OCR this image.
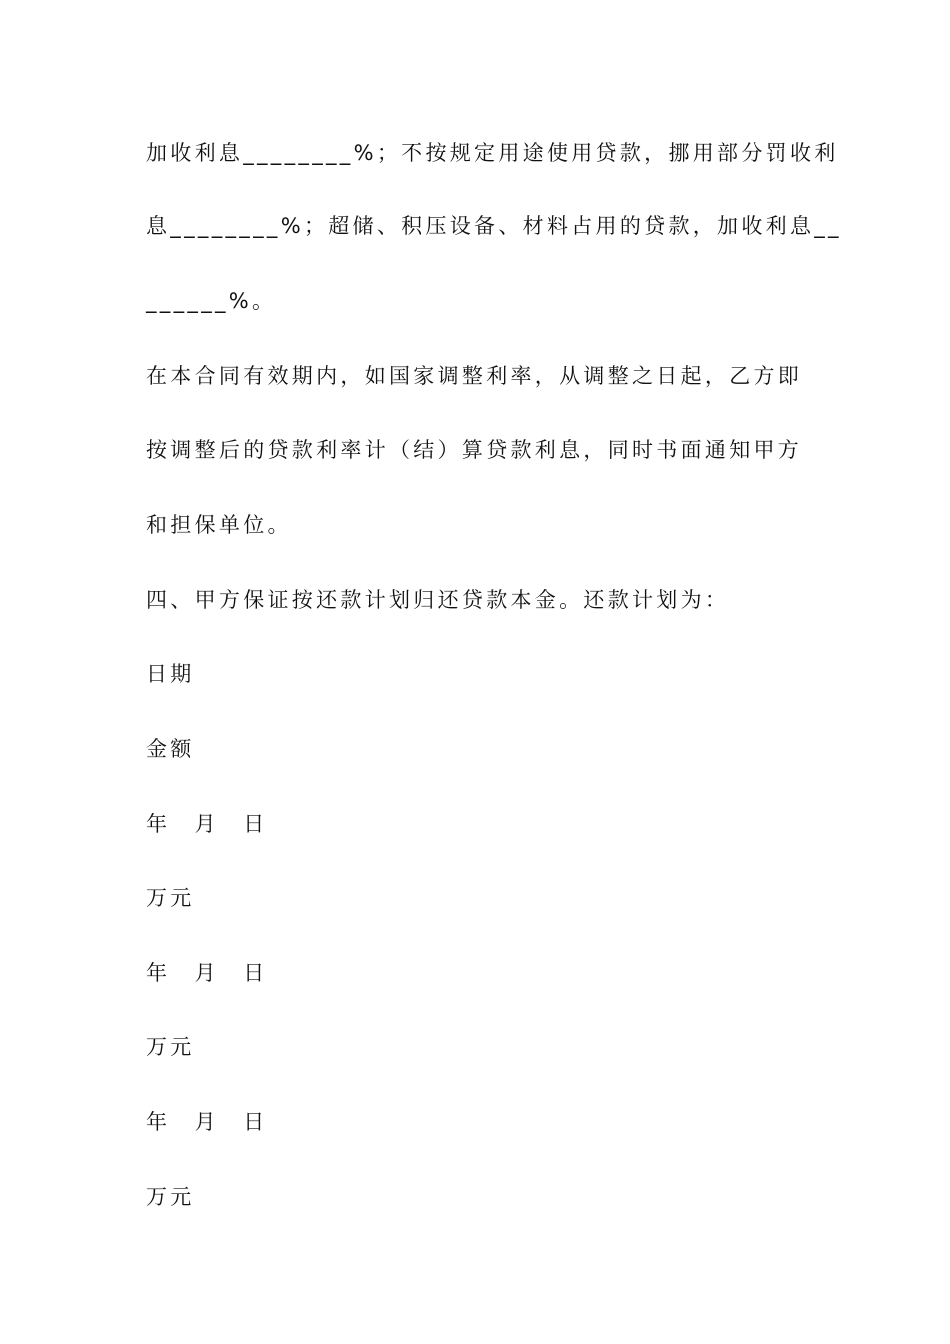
加收利息________%；不按规定用途使用贷款，挪用部分罚收利
息________%；超储、积压设备、材料占用的贷款，加收利息__
______%。
在本合同有效期内，如国家调整利率，从调整之日起，乙方即
按调整后的贷款利率计（结）算贷款利息，同时书面通知甲方
和担保单位。
四、甲方保证按还款计划归还贷款本金。还款计划为：
日期
金额
年　月　日
万元
年　月　日
万元
年　月　日
万元
